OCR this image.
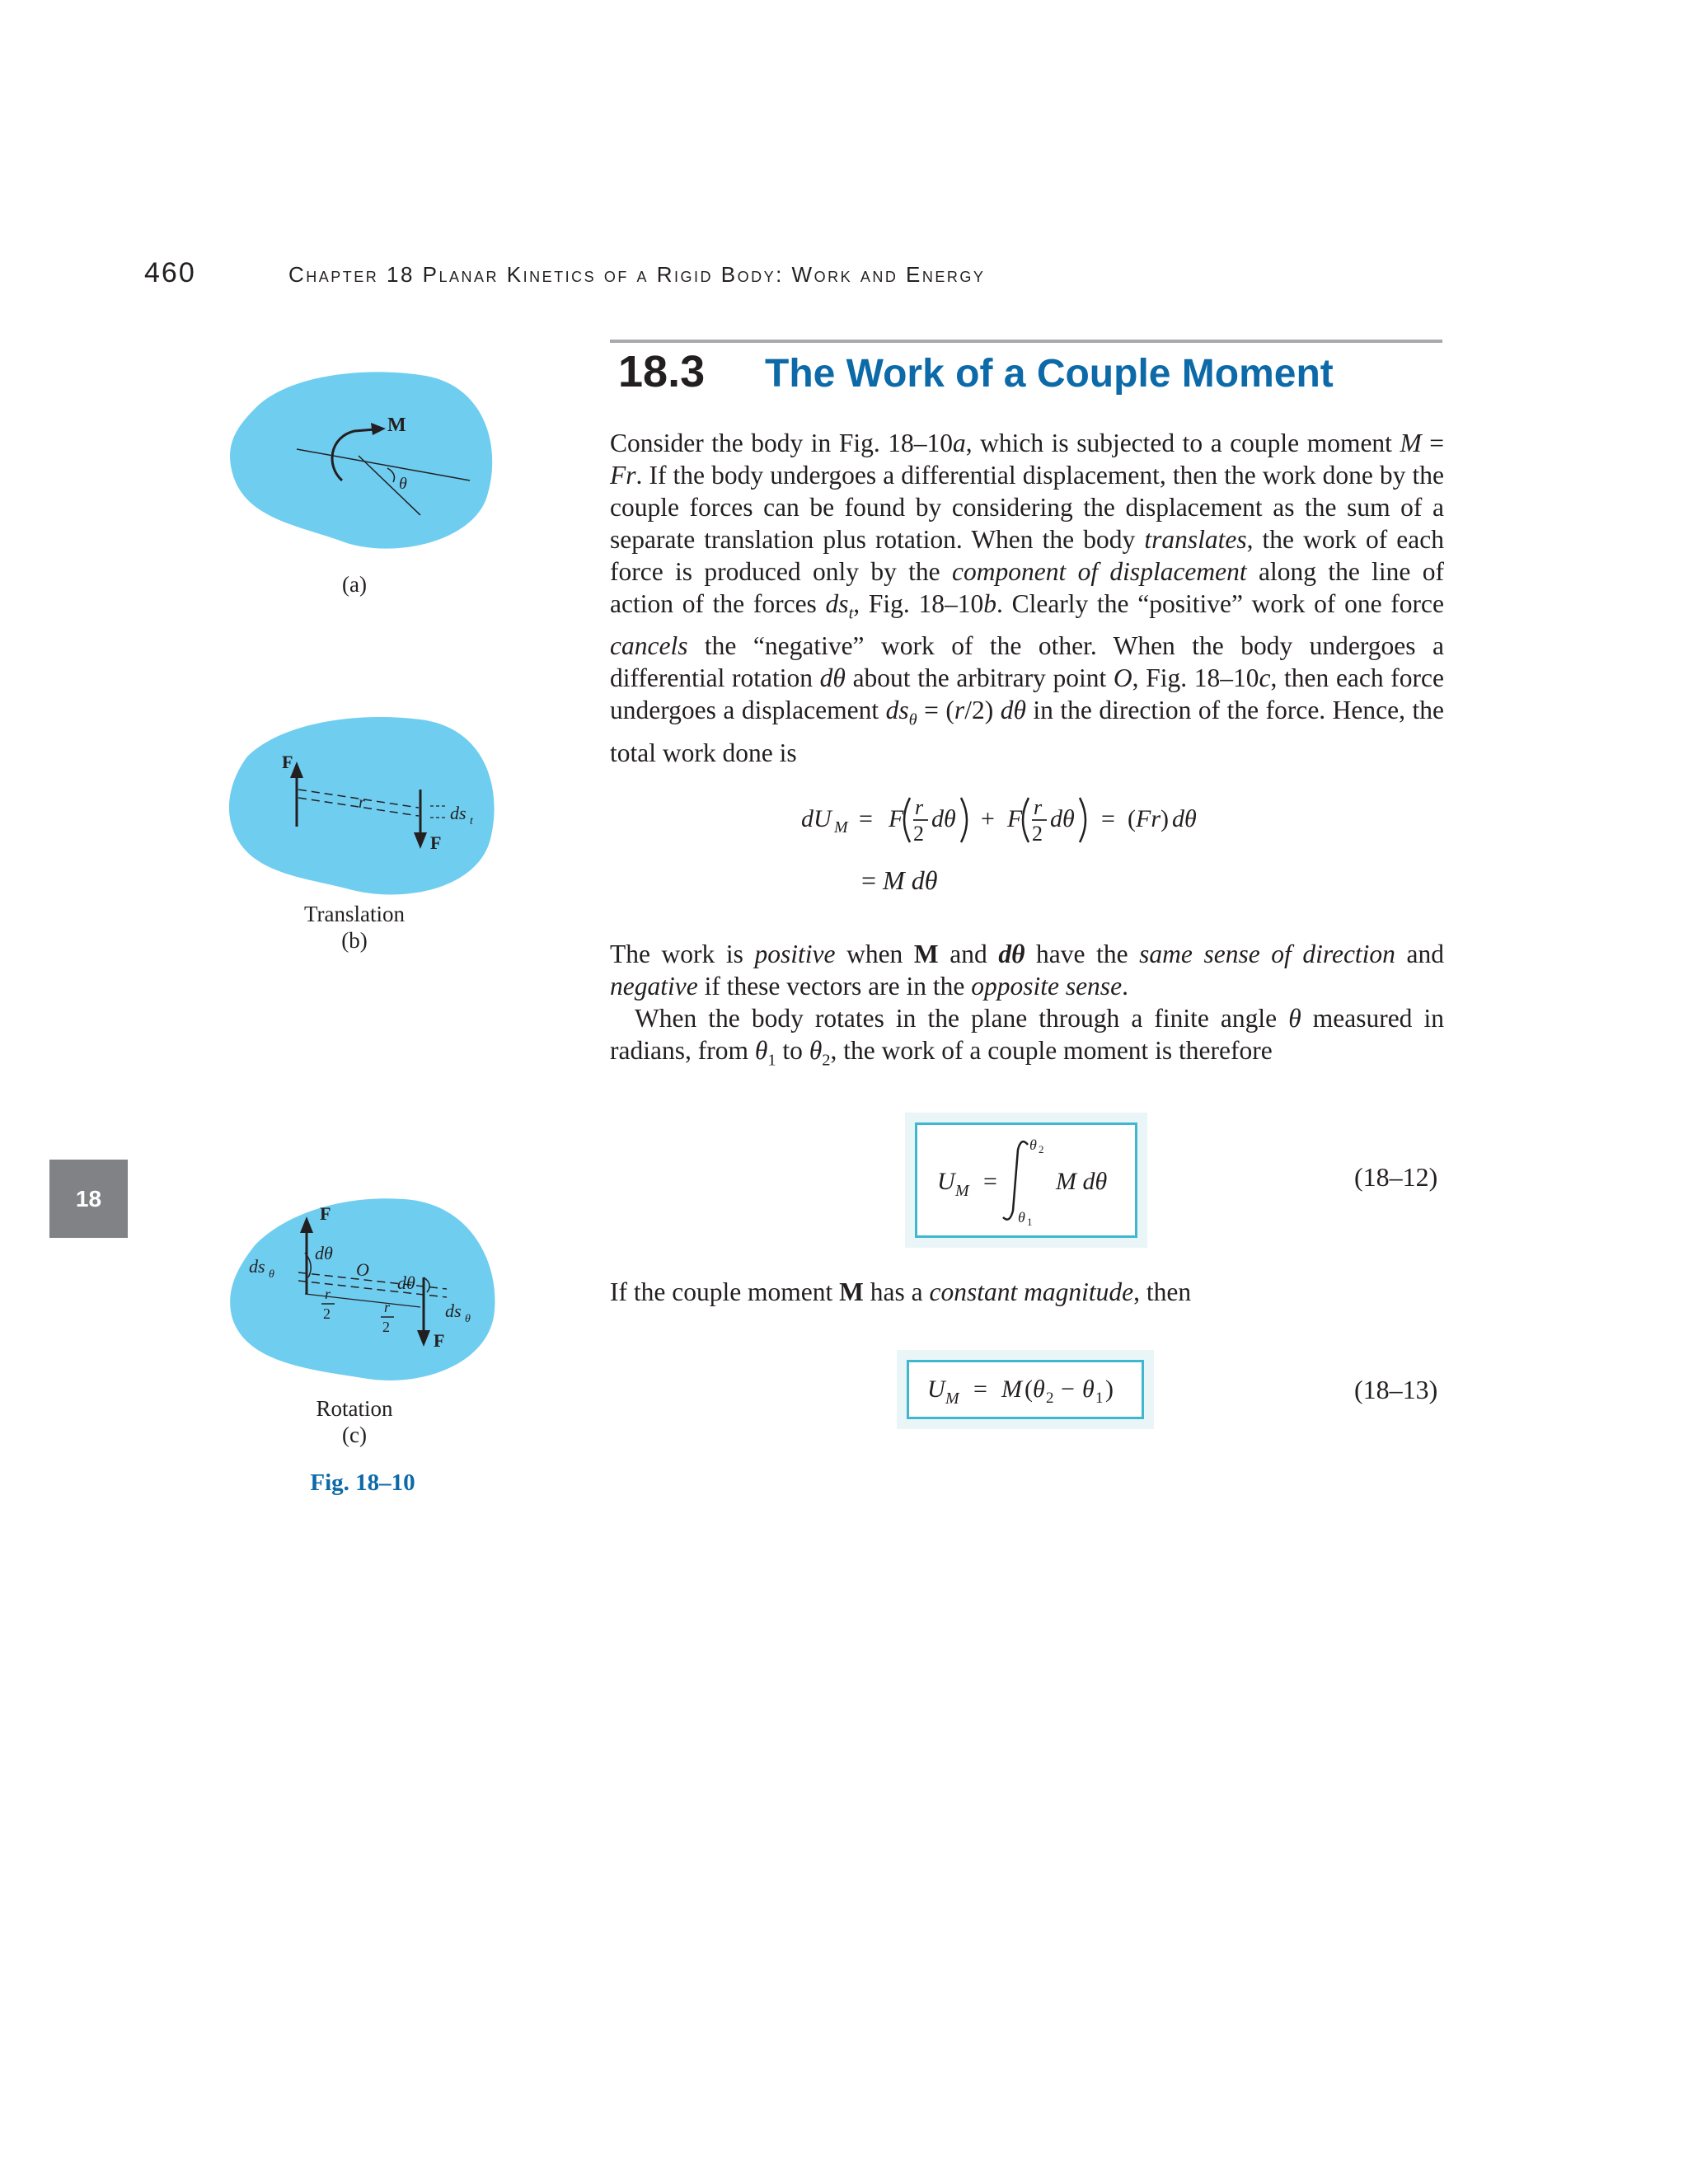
460	Chapter 18 Planar Kinetics of a Rigid Body: Work and Energy
18.3 The Work of a Couple Moment
Consider the body in Fig. 18–10a, which is subjected to a couple moment M = Fr. If the body undergoes a differential displacement, then the work done by the couple forces can be found by considering the displacement as the sum of a separate translation plus rotation. When the body translates, the work of each force is produced only by the component of displacement along the line of action of the forces $ds_t$, Fig. 18–10b. Clearly the “positive” work of one force cancels the “negative” work of the other. When the body undergoes a differential rotation dθ about the arbitrary point O, Fig. 18–10c, then each force undergoes a displacement $ds_\theta = (r/2)$ dθ in the direction of the force. Hence, the total work done is
dU M = F r
2
dθ + F r
2
dθ = ( Fr ) dθ
= M dθ
The work is positive when M and dθ have the same sense of direction and negative if these vectors are in the opposite sense.
When the body rotates in the plane through a finite angle θ measured in radians, from $\theta_1$ to $\theta_2$, the work of a couple moment is therefore
U M =
θ 2
θ 1
M dθ	(18–12)
If the couple moment M has a constant magnitude, then
U M = M ( θ 2 − θ 1 )	(18–13)
18
M
θ
(a)
F
F
r	ds t
Translation
(b)
F
F
O
dθ
dθ
ds θ
ds θ
r
2	r
2
Rotation
(c)
Fig. 18–10
